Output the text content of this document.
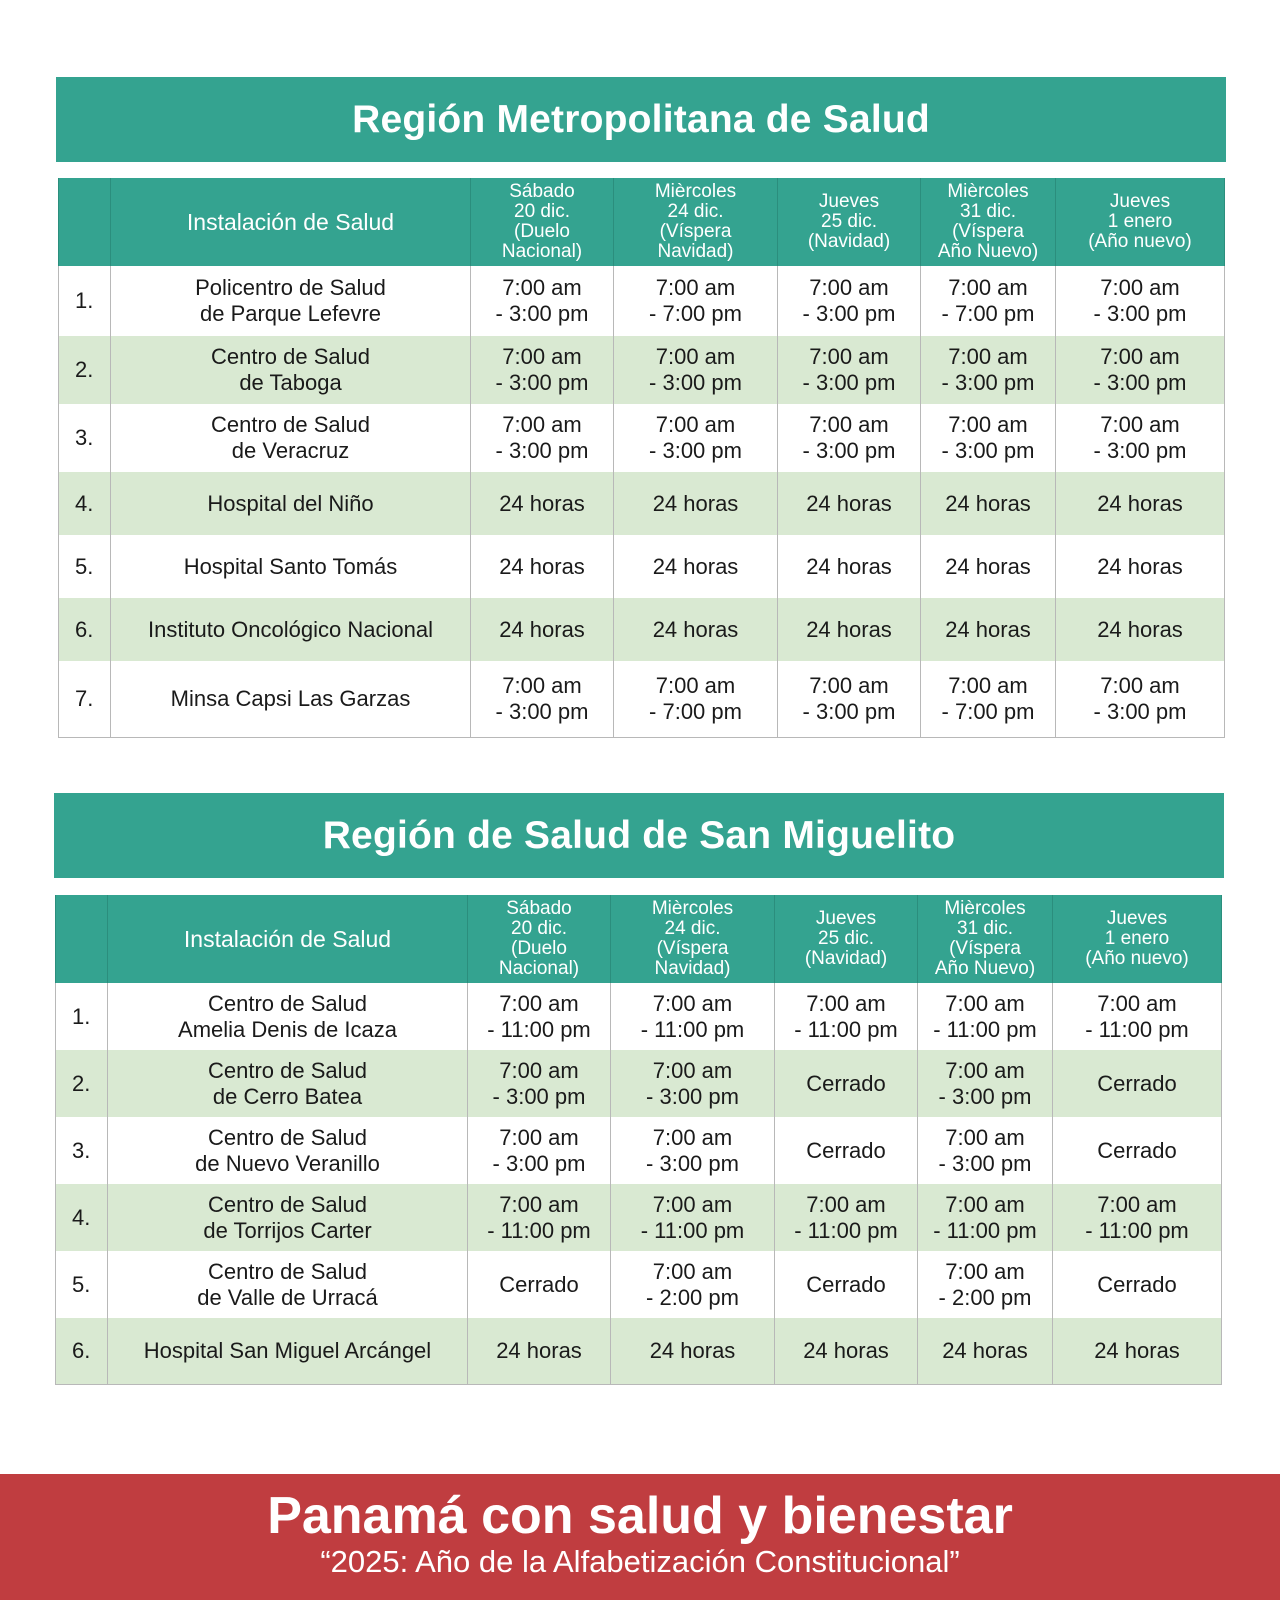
Región Metropolitana de Salud
	Instalación de Salud	Sábado
20 dic.
(Duelo
Nacional)	Mièrcoles
24 dic.
(Víspera
Navidad)	Jueves
25 dic.
(Navidad)	Mièrcoles
31 dic.
(Víspera
Año Nuevo)	Jueves
1 enero
(Año nuevo)

1.	Policentro de Salud
de Parque Lefevre	7:00 am
- 3:00 pm	7:00 am
- 7:00 pm	7:00 am
- 3:00 pm	7:00 am
- 7:00 pm	7:00 am
- 3:00 pm

2.	Centro de Salud
de Taboga	7:00 am
- 3:00 pm	7:00 am
- 3:00 pm	7:00 am
- 3:00 pm	7:00 am
- 3:00 pm	7:00 am
- 3:00 pm

3.	Centro de Salud
de Veracruz	7:00 am
- 3:00 pm	7:00 am
- 3:00 pm	7:00 am
- 3:00 pm	7:00 am
- 3:00 pm	7:00 am
- 3:00 pm

4.	Hospital del Niño	24 horas	24 horas	24 horas	24 horas	24 horas

5.	Hospital Santo Tomás	24 horas	24 horas	24 horas	24 horas	24 horas

6.	Instituto Oncológico Nacional	24 horas	24 horas	24 horas	24 horas	24 horas

7.	Minsa Capsi Las Garzas	7:00 am
- 3:00 pm	7:00 am
- 7:00 pm	7:00 am
- 3:00 pm	7:00 am
- 7:00 pm	7:00 am
- 3:00 pm
Región de Salud de San Miguelito
	Instalación de Salud	Sábado
20 dic.
(Duelo
Nacional)	Mièrcoles
24 dic.
(Víspera
Navidad)	Jueves
25 dic.
(Navidad)	Mièrcoles
31 dic.
(Víspera
Año Nuevo)	Jueves
1 enero
(Año nuevo)

1.	Centro de Salud
Amelia Denis de Icaza	7:00 am
- 11:00 pm	7:00 am
- 11:00 pm	7:00 am
- 11:00 pm	7:00 am
- 11:00 pm	7:00 am
- 11:00 pm

2.	Centro de Salud
de Cerro Batea	7:00 am
- 3:00 pm	7:00 am
- 3:00 pm	Cerrado	7:00 am
- 3:00 pm	Cerrado

3.	Centro de Salud
de Nuevo Veranillo	7:00 am
- 3:00 pm	7:00 am
- 3:00 pm	Cerrado	7:00 am
- 3:00 pm	Cerrado

4.	Centro de Salud
de Torrijos Carter	7:00 am
- 11:00 pm	7:00 am
- 11:00 pm	7:00 am
- 11:00 pm	7:00 am
- 11:00 pm	7:00 am
- 11:00 pm

5.	Centro de Salud
de Valle de Urracá	Cerrado	7:00 am
- 2:00 pm	Cerrado	7:00 am
- 2:00 pm	Cerrado

6.	Hospital San Miguel Arcángel	24 horas	24 horas	24 horas	24 horas	24 horas
Panamá con salud y bienestar
“2025: Año de la Alfabetización Constitucional”
